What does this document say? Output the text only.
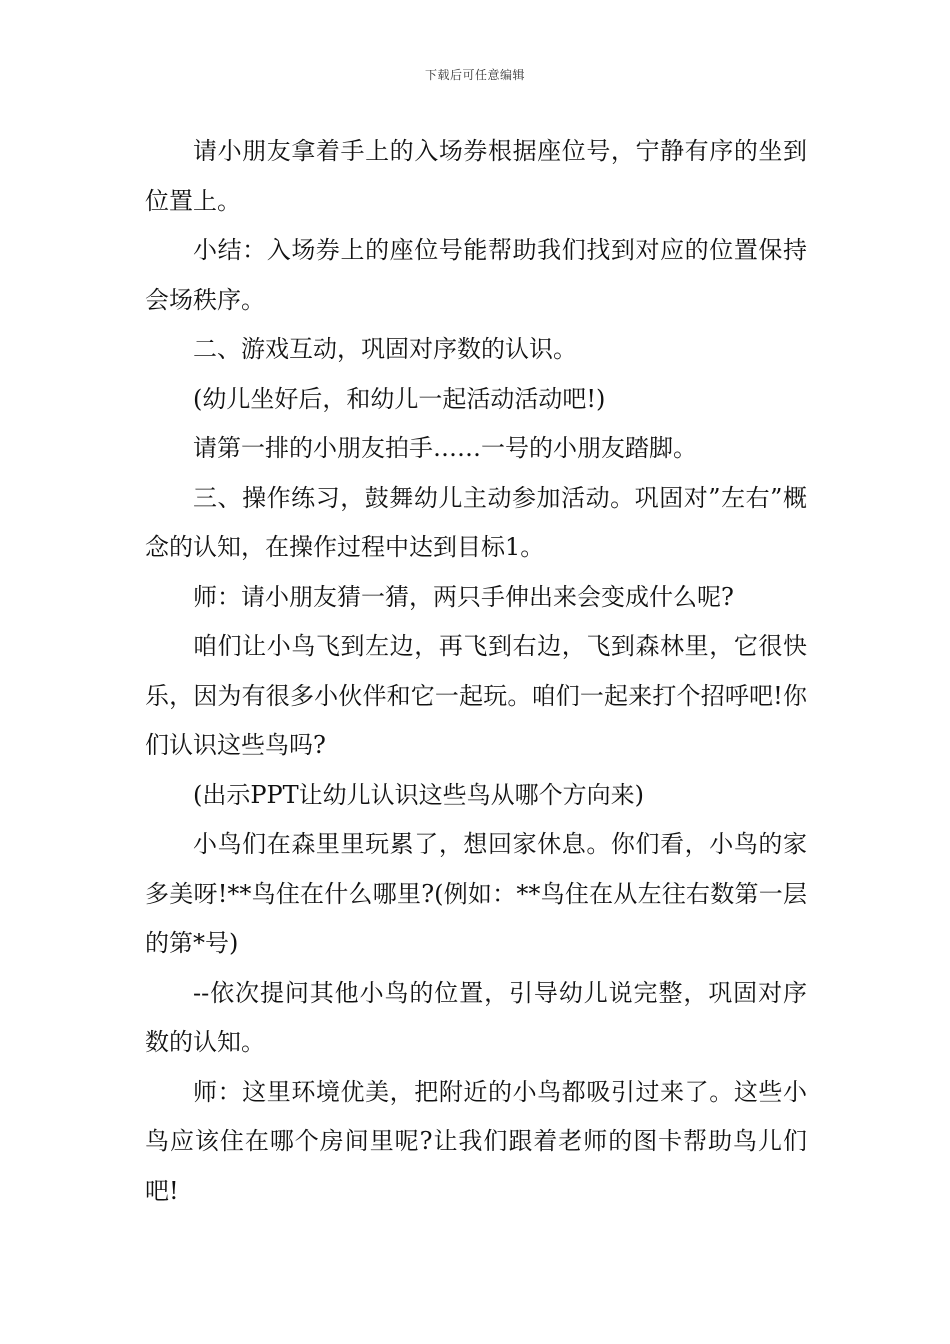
下载后可任意编辑

请小朋友拿着手上的入场券根据座位号，宁静有序的坐到位置上。

小结：入场券上的座位号能帮助我们找到对应的位置保持会场秩序。

二、游戏互动，巩固对序数的认识。

(幼儿坐好后，和幼儿一起活动活动吧!)

请第一排的小朋友拍手……一号的小朋友踏脚。

三、操作练习，鼓舞幼儿主动参加活动。巩固对”左右”概念的认知，在操作过程中达到目标1。

师：请小朋友猜一猜，两只手伸出来会变成什么呢?

咱们让小鸟飞到左边，再飞到右边，飞到森林里，它很快乐，因为有很多小伙伴和它一起玩。咱们一起来打个招呼吧!你们认识这些鸟吗?

(出示PPT让幼儿认识这些鸟从哪个方向来)

小鸟们在森里里玩累了，想回家休息。你们看，小鸟的家多美呀!**鸟住在什么哪里?(例如：**鸟住在从左往右数第一层的第*号)

--依次提问其他小鸟的位置，引导幼儿说完整，巩固对序数的认知。

师：这里环境优美，把附近的小鸟都吸引过来了。这些小鸟应该住在哪个房间里呢?让我们跟着老师的图卡帮助鸟儿们吧!
